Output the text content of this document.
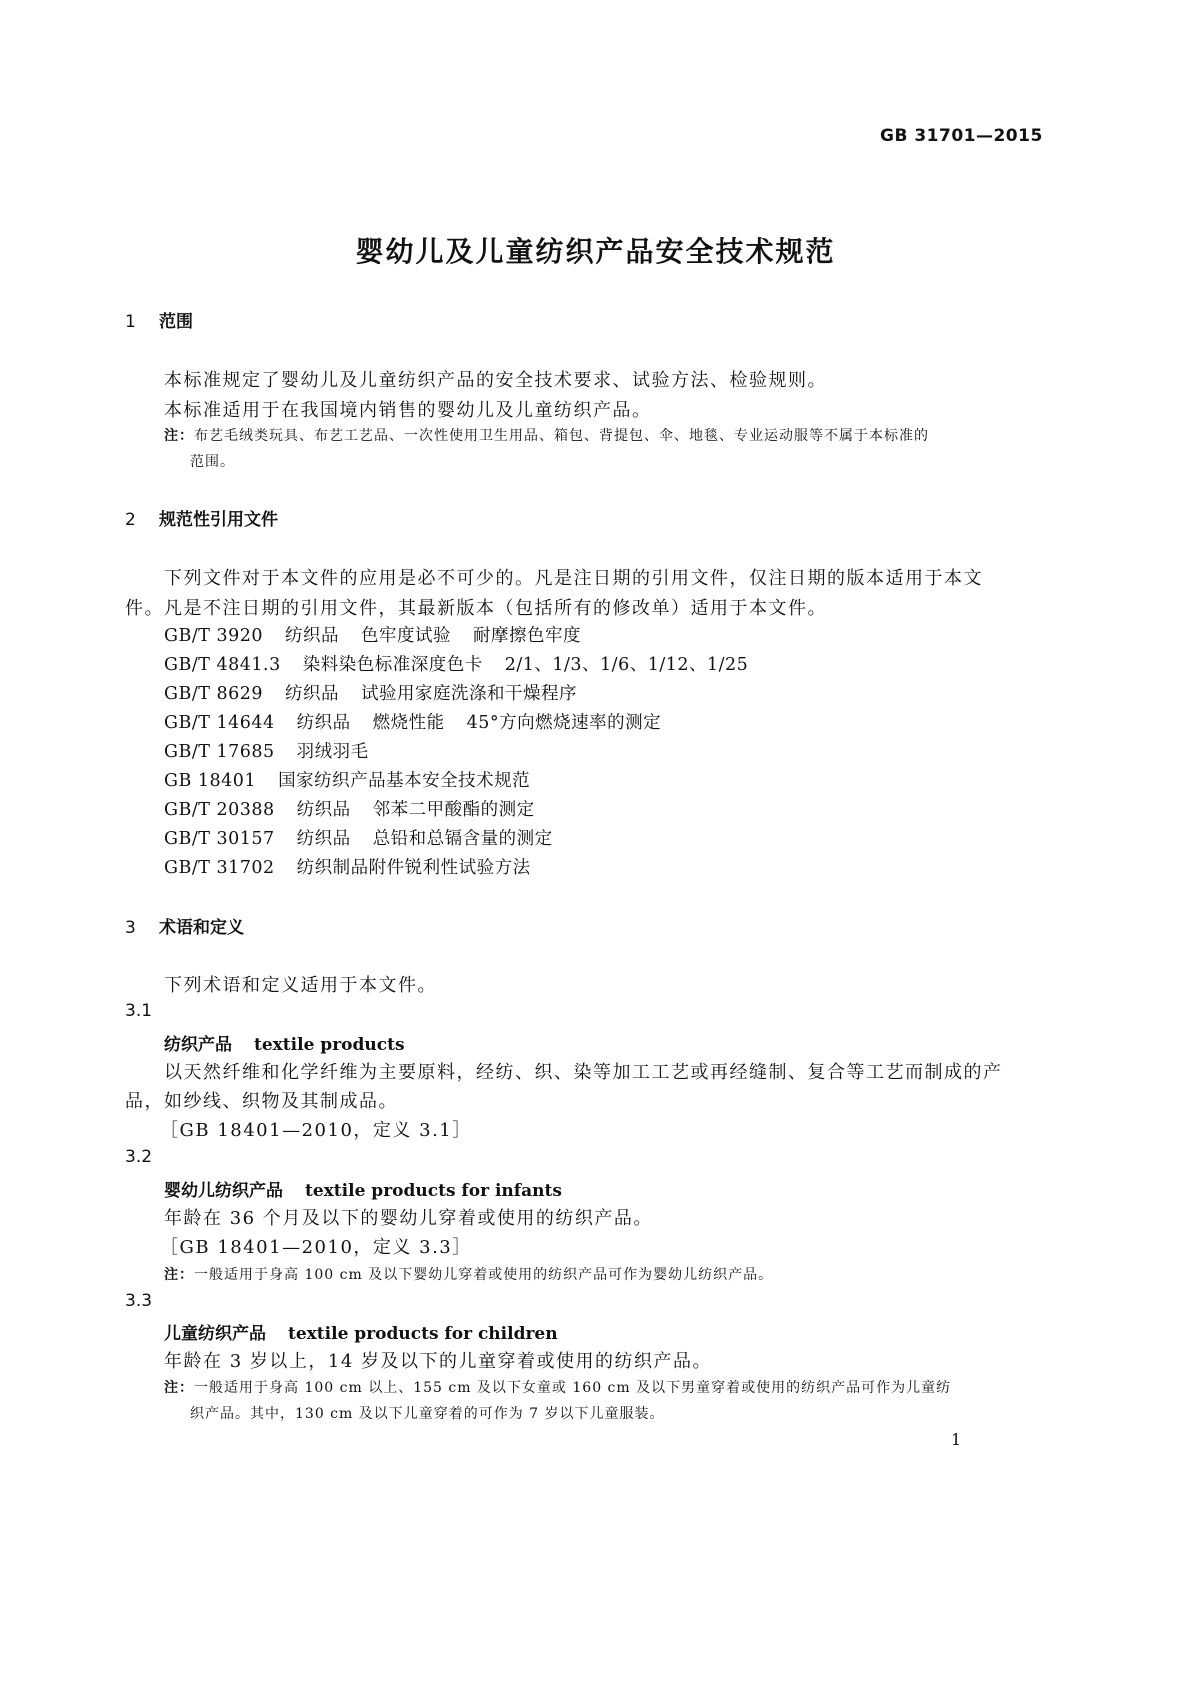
GB 31701—2015
婴幼儿及儿童纺织产品安全技术规范
1 范围
本标准规定了婴幼儿及儿童纺织产品的安全技术要求、试验方法、检验规则。
本标准适用于在我国境内销售的婴幼儿及儿童纺织产品。
注：布艺毛绒类玩具、布艺工艺品、一次性使用卫生用品、箱包、背提包、伞、地毯、专业运动服等不属于本标准的
范围。
2 规范性引用文件
下列文件对于本文件的应用是必不可少的。凡是注日期的引用文件，仅注日期的版本适用于本文
件。凡是不注日期的引用文件，其最新版本（包括所有的修改单）适用于本文件。
GB/T 3920 纺织品 色牢度试验 耐摩擦色牢度
GB/T 4841.3 染料染色标准深度色卡 2/1、1/3、1/6、1/12、1/25
GB/T 8629 纺织品 试验用家庭洗涤和干燥程序
GB/T 14644 纺织品 燃烧性能 45°方向燃烧速率的测定
GB/T 17685 羽绒羽毛
GB 18401 国家纺织产品基本安全技术规范
GB/T 20388 纺织品 邻苯二甲酸酯的测定
GB/T 30157 纺织品 总铅和总镉含量的测定
GB/T 31702 纺织制品附件锐利性试验方法
3 术语和定义
下列术语和定义适用于本文件。
3.1
纺织产品 textile products
以天然纤维和化学纤维为主要原料，经纺、织、染等加工工艺或再经缝制、复合等工艺而制成的产
品，如纱线、织物及其制成品。
［GB 18401—2010，定义 3.1］
3.2
婴幼儿纺织产品 textile products for infants
年龄在 36 个月及以下的婴幼儿穿着或使用的纺织产品。
［GB 18401—2010，定义 3.3］
注：一般适用于身高 100 cm 及以下婴幼儿穿着或使用的纺织产品可作为婴幼儿纺织产品。
3.3
儿童纺织产品 textile products for children
年龄在 3 岁以上，14 岁及以下的儿童穿着或使用的纺织产品。
注：一般适用于身高 100 cm 以上、155 cm 及以下女童或 160 cm 及以下男童穿着或使用的纺织产品可作为儿童纺
织产品。其中，130 cm 及以下儿童穿着的可作为 7 岁以下儿童服装。
1
